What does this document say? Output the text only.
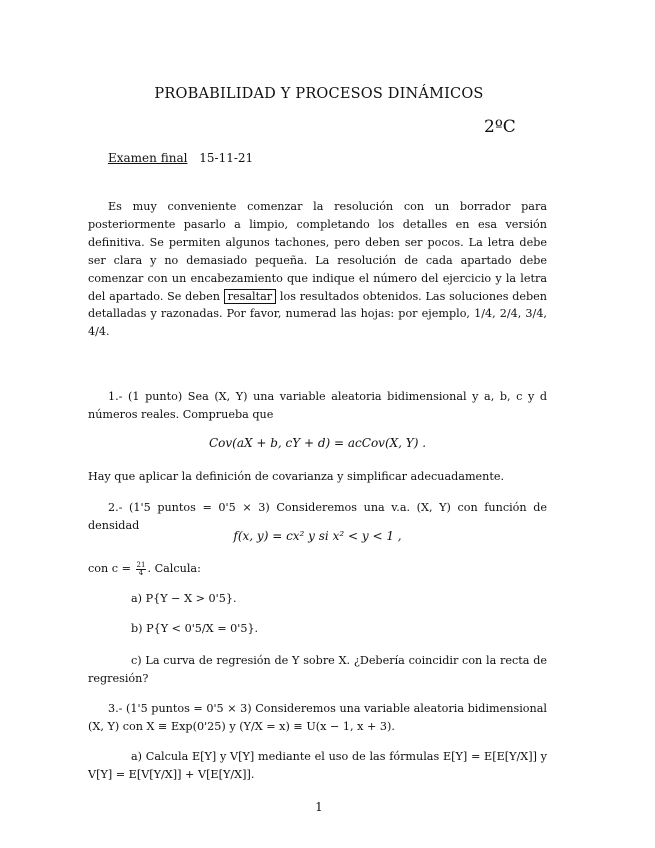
PROBABILIDAD Y PROCESOS DINÁMICOS
2ºC
Examen final 15-11-21

Es muy conveniente comenzar la resolución con un borrador para posteriormente pasarlo a limpio, completando los detalles en esa versión definitiva. Se permiten algunos tachones, pero deben ser pocos. La letra debe ser clara y no demasiado pequeña. La resolución de cada apartado debe comenzar con un encabezamiento que indique el número del ejercicio y la letra del apartado. Se deben resaltar los resultados obtenidos. Las soluciones deben detalladas y razonadas. Por favor, numerad las hojas: por ejemplo, 1/4, 2/4, 3/4, 4/4.

1.- (1 punto) Sea (X, Y) una variable aleatoria bidimensional y a, b, c y d números reales. Comprueba que

Cov(aX + b, cY + d) = acCov(X, Y) .

Hay que aplicar la definición de covarianza y simplificar adecuadamente.

2.- (1'5 puntos = 0'5 × 3) Consideremos una v.a. (X, Y) con función de densidad

f(x, y) = cx² y si x² < y < 1 ,

con $c = \frac{21}{4}$ . Calcula:

a) P{Y − X > 0'5}.
b) P{Y < 0'5/X = 0'5}.

c) La curva de regresión de Y sobre X. ¿Debería coincidir con la recta de regresión?

3.- (1'5 puntos = 0'5 × 3) Consideremos una variable aleatoria bidimensional (X, Y) con X ≡ Exp(0'25) y (Y/X = x) ≡ U(x − 1, x + 3).

a) Calcula E[Y] y V[Y] mediante el uso de las fórmulas E[Y] = E[E[Y/X]] y V[Y] = E[V[Y/X]] + V[E[Y/X]].

1
